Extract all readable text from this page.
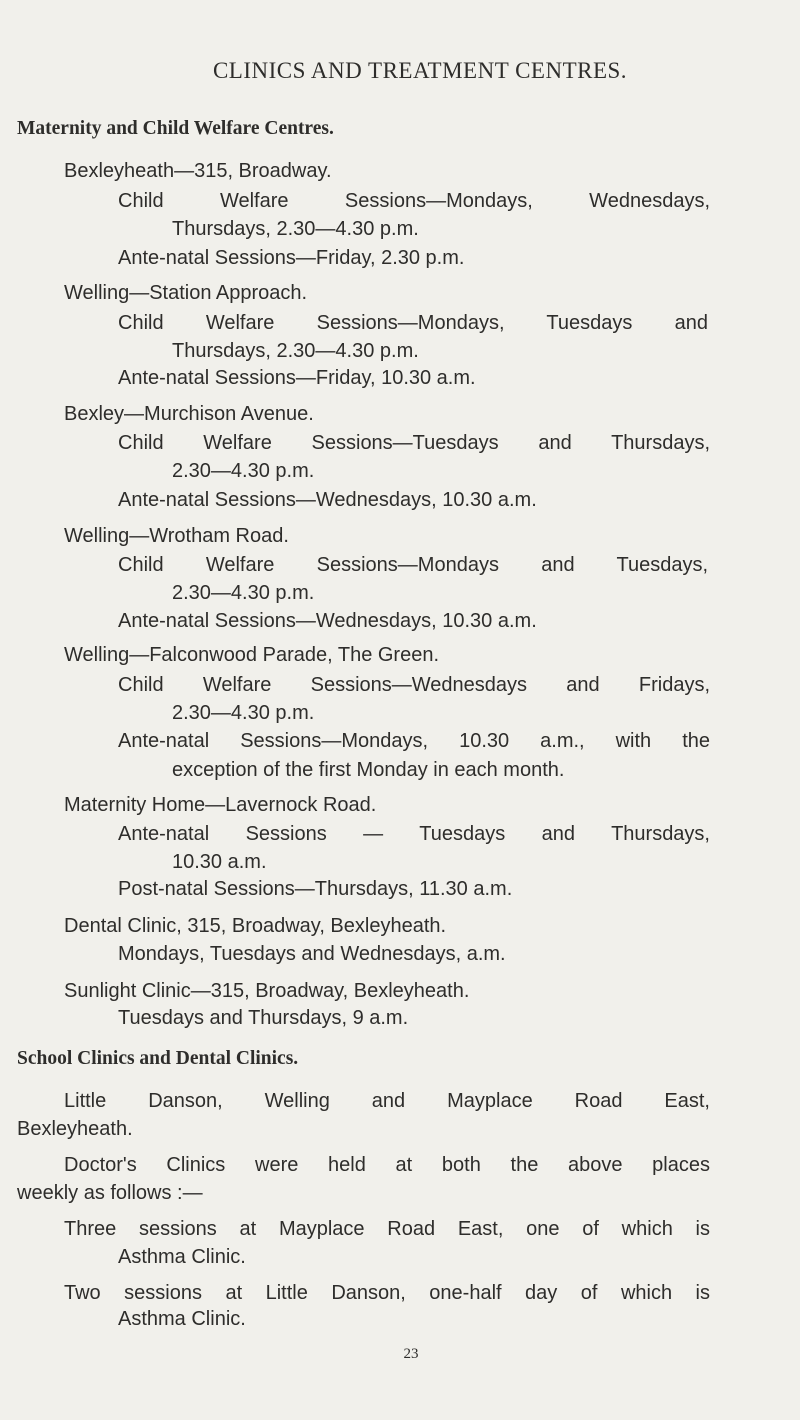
CLINICS AND TREATMENT CENTRES.
Maternity and Child Welfare Centres.

Bexleyheath—315, Broadway.

Child Welfare Sessions—Mondays, Wednesdays,

Thursdays, 2.30—4.30 p.m.

Ante-natal Sessions—Friday, 2.30 p.m.

Welling—Station Approach.

Child Welfare Sessions—Mondays, Tuesdays and

Thursdays, 2.30—4.30 p.m.

Ante-natal Sessions—Friday, 10.30 a.m.

Bexley—Murchison Avenue.

Child Welfare Sessions—Tuesdays and Thursdays,

2.30—4.30 p.m.

Ante-natal Sessions—Wednesdays, 10.30 a.m.

Welling—Wrotham Road.

Child Welfare Sessions—Mondays and Tuesdays,

2.30—4.30 p.m.

Ante-natal Sessions—Wednesdays, 10.30 a.m.

Welling—Falconwood Parade, The Green.

Child Welfare Sessions—Wednesdays and Fridays,

2.30—4.30 p.m.

Ante-natal Sessions—Mondays, 10.30 a.m., with the

exception of the first Monday in each month.

Maternity Home—Lavernock Road.

Ante-natal Sessions — Tuesdays and Thursdays,

10.30 a.m.

Post-natal Sessions—Thursdays, 11.30 a.m.

Dental Clinic, 315, Broadway, Bexleyheath.

Mondays, Tuesdays and Wednesdays, a.m.

Sunlight Clinic—315, Broadway, Bexleyheath.

Tuesdays and Thursdays, 9 a.m.

School Clinics and Dental Clinics.

Little Danson, Welling and Mayplace Road East,

Bexleyheath.

Doctor's Clinics were held at both the above places

weekly as follows :—

Three sessions at Mayplace Road East, one of which is

Asthma Clinic.

Two sessions at Little Danson, one-half day of which is

Asthma Clinic.

23
